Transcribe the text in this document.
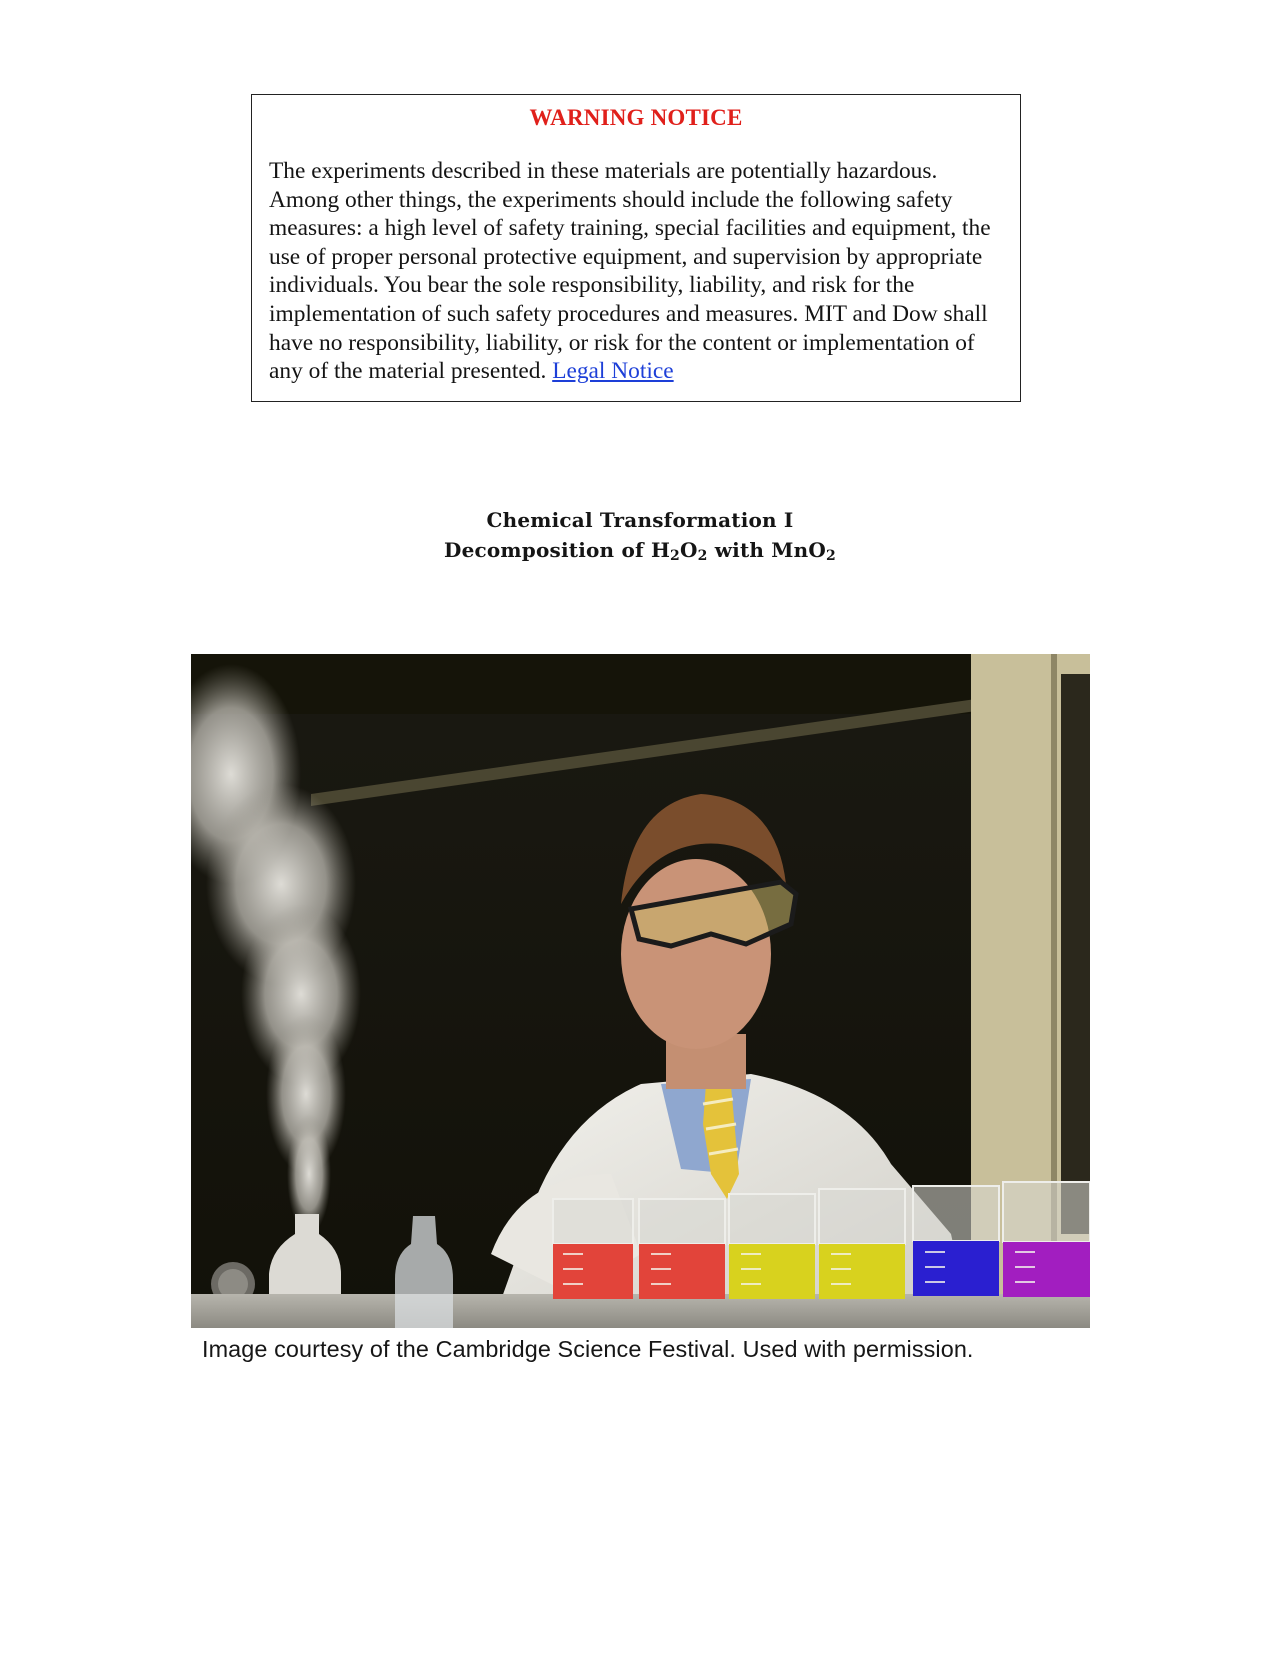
WARNING NOTICE
The experiments described in these materials are potentially hazardous. Among other things, the experiments should include the following safety measures: a high level of safety training, special facilities and equipment, the use of proper personal protective equipment, and supervision by appropriate individuals. You bear the sole responsibility, liability, and risk for the implementation of such safety procedures and measures. MIT and Dow shall have no responsibility, liability, or risk for the content or implementation of any of the material presented. Legal Notice
Chemical Transformation I
Decomposition of $H_2O_2$ with MnO$_2$
Image courtesy of the Cambridge Science Festival. Used with permission.
